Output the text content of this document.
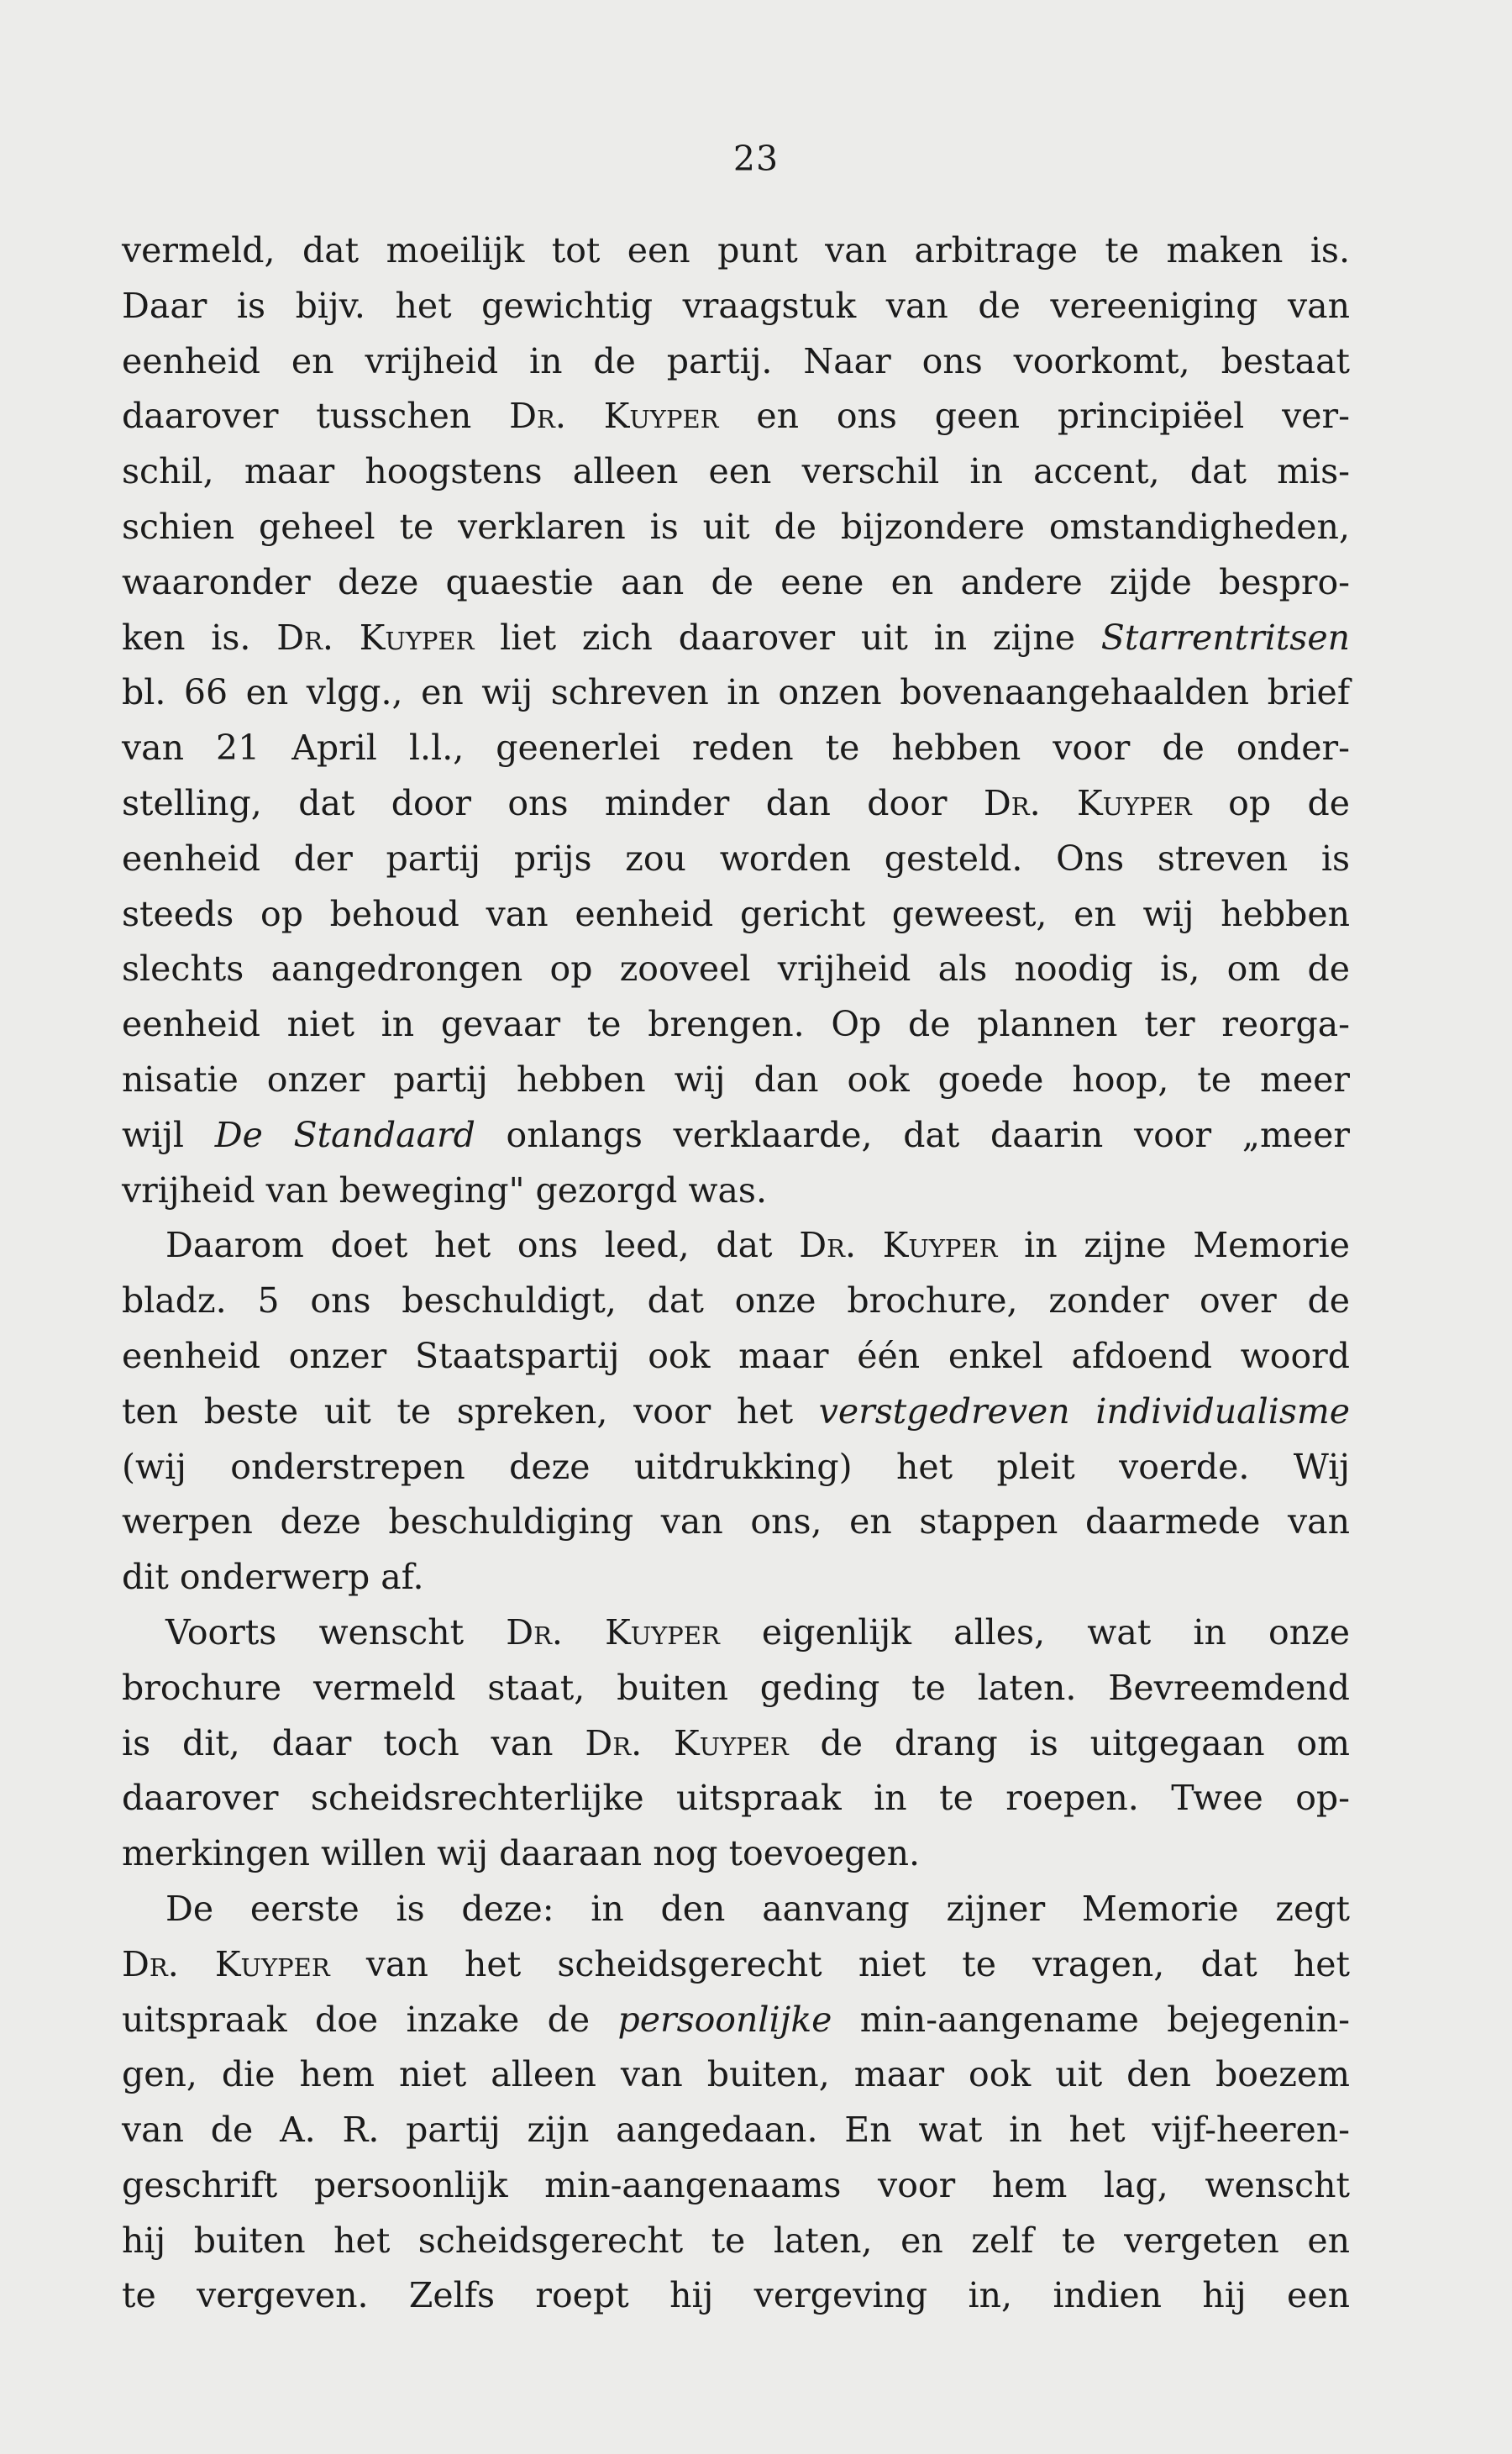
23
vermeld, dat moeilijk tot een punt van arbitrage te maken is.
Daar is bijv. het gewichtig vraagstuk van de vereeniging van
eenheid en vrijheid in de partij. Naar ons voorkomt, bestaat
daarover tusschen Dr. Kuyper en ons geen principiëel ver-
schil, maar hoogstens alleen een verschil in accent, dat mis-
schien geheel te verklaren is uit de bijzondere omstandigheden,
waaronder deze quaestie aan de eene en andere zijde bespro-
ken is. Dr. Kuyper liet zich daarover uit in zijne Starrentritsen
bl. 66 en vlgg., en wij schreven in onzen bovenaangehaalden brief
van 21 April l.l., geenerlei reden te hebben voor de onder-
stelling, dat door ons minder dan door Dr. Kuyper op de
eenheid der partij prijs zou worden gesteld. Ons streven is
steeds op behoud van eenheid gericht geweest, en wij hebben
slechts aangedrongen op zooveel vrijheid als noodig is, om de
eenheid niet in gevaar te brengen. Op de plannen ter reorga-
nisatie onzer partij hebben wij dan ook goede hoop, te meer
wijl De Standaard onlangs verklaarde, dat daarin voor „meer
vrijheid van beweging" gezorgd was.
Daarom doet het ons leed, dat Dr. Kuyper in zijne Memorie
bladz. 5 ons beschuldigt, dat onze brochure, zonder over de
eenheid onzer Staatspartij ook maar één enkel afdoend woord
ten beste uit te spreken, voor het verstgedreven individualisme
(wij onderstrepen deze uitdrukking) het pleit voerde. Wij
werpen deze beschuldiging van ons, en stappen daarmede van
dit onderwerp af.
Voorts wenscht Dr. Kuyper eigenlijk alles, wat in onze
brochure vermeld staat, buiten geding te laten. Bevreemdend
is dit, daar toch van Dr. Kuyper de drang is uitgegaan om
daarover scheidsrechterlijke uitspraak in te roepen. Twee op-
merkingen willen wij daaraan nog toevoegen.
De eerste is deze: in den aanvang zijner Memorie zegt
Dr. Kuyper van het scheidsgerecht niet te vragen, dat het
uitspraak doe inzake de persoonlijke min-aangename bejegenin-
gen, die hem niet alleen van buiten, maar ook uit den boezem
van de A. R. partij zijn aangedaan. En wat in het vijf-heeren-
geschrift persoonlijk min-aangenaams voor hem lag, wenscht
hij buiten het scheidsgerecht te laten, en zelf te vergeten en
te vergeven. Zelfs roept hij vergeving in, indien hij een
